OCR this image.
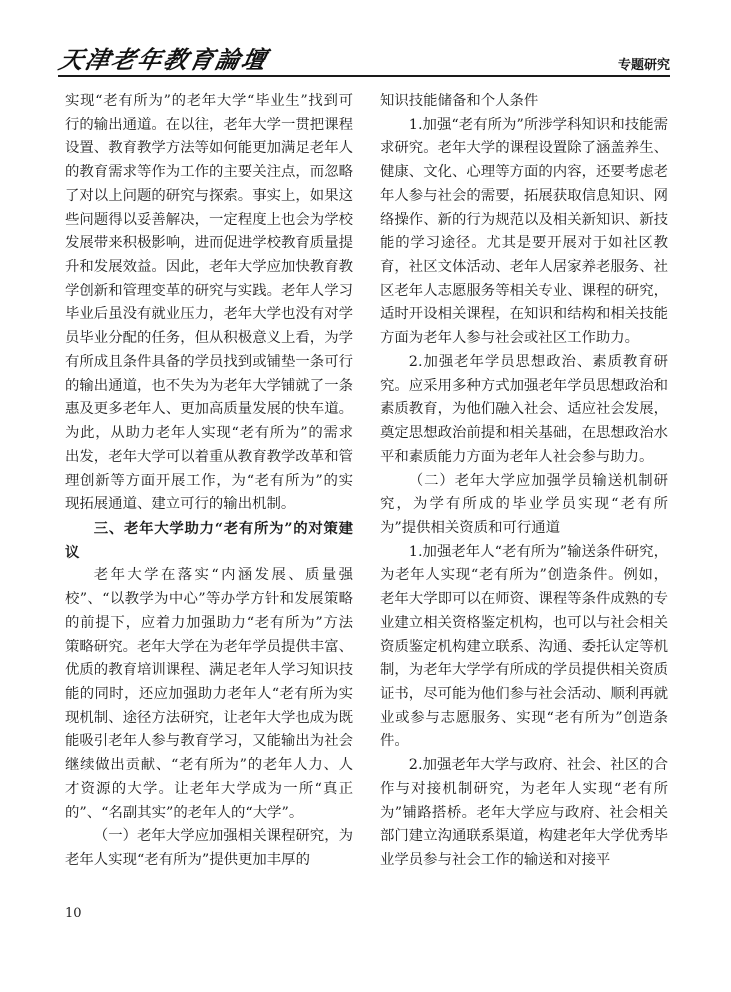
天津老年教育論壇	专题研究

实现“老有所为”的老年大学“毕业生”找到可行的输出通道。在以往，老年大学一贯把课程设置、教育教学方法等如何能更加满足老年人的教育需求等作为工作的主要关注点，而忽略了对以上问题的研究与探索。事实上，如果这些问题得以妥善解决，一定程度上也会为学校发展带来积极影响，进而促进学校教育质量提升和发展效益。因此，老年大学应加快教育教学创新和管理变革的研究与实践。老年人学习毕业后虽没有就业压力，老年大学也没有对学员毕业分配的任务，但从积极意义上看，为学有所成且条件具备的学员找到或铺垫一条可行的输出通道，也不失为为老年大学铺就了一条惠及更多老年人、更加高质量发展的快车道。为此，从助力老年人实现“老有所为”的需求出发，老年大学可以着重从教育教学改革和管理创新等方面开展工作，为“老有所为”的实现拓展通道、建立可行的输出机制。

三、老年大学助力“老有所为”的对策建议

老年大学在落实“内涵发展、质量强校”、“以教学为中心”等办学方针和发展策略的前提下，应着力加强助力“老有所为”方法策略研究。老年大学在为老年学员提供丰富、优质的教育培训课程、满足老年人学习知识技能的同时，还应加强助力老年人“老有所为实现机制、途径方法研究，让老年大学也成为既能吸引老年人参与教育学习，又能输出为社会继续做出贡献、“老有所为”的老年人力、人才资源的大学。让老年大学成为一所“真正的”、“名副其实”的老年人的“大学”。

（一）老年大学应加强相关课程研究，为老年人实现“老有所为”提供更加丰厚的

知识技能储备和个人条件

1.加强“老有所为”所涉学科知识和技能需求研究。老年大学的课程设置除了涵盖养生、健康、文化、心理等方面的内容，还要考虑老年人参与社会的需要，拓展获取信息知识、网络操作、新的行为规范以及相关新知识、新技能的学习途径。尤其是要开展对于如社区教育，社区文体活动、老年人居家养老服务、社区老年人志愿服务等相关专业、课程的研究，适时开设相关课程，在知识和结构和相关技能方面为老年人参与社会或社区工作助力。

2.加强老年学员思想政治、素质教育研究。应采用多种方式加强老年学员思想政治和素质教育，为他们融入社会、适应社会发展，奠定思想政治前提和相关基础，在思想政治水平和素质能力方面为老年人社会参与助力。

（二）老年大学应加强学员输送机制研究，为学有所成的毕业学员实现“老有所为”提供相关资质和可行通道

1.加强老年人“老有所为”输送条件研究，为老年人实现“老有所为”创造条件。例如，老年大学即可以在师资、课程等条件成熟的专业建立相关资格鉴定机构，也可以与社会相关资质鉴定机构建立联系、沟通、委托认定等机制，为老年大学学有所成的学员提供相关资质证书，尽可能为他们参与社会活动、顺利再就业或参与志愿服务、实现“老有所为”创造条件。

2.加强老年大学与政府、社会、社区的合作与对接机制研究，为老年人实现“老有所为”铺路搭桥。老年大学应与政府、社会相关部门建立沟通联系渠道，构建老年大学优秀毕业学员参与社会工作的输送和对接平

10
